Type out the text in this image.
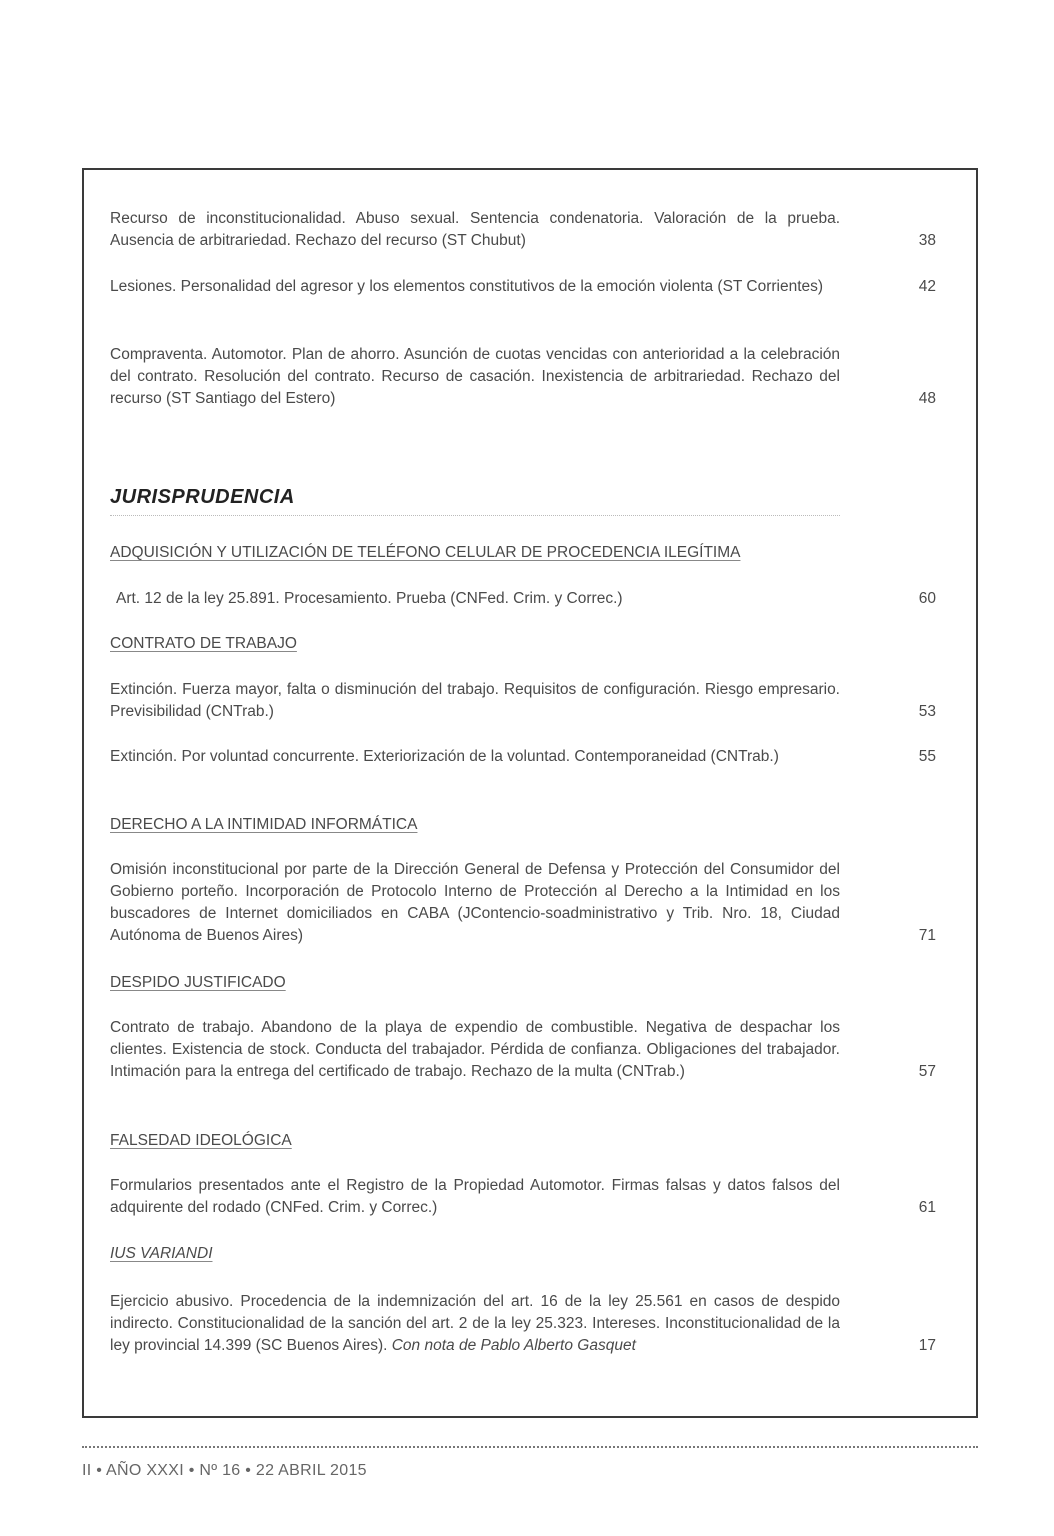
Recurso de inconstitucionalidad. Abuso sexual. Sentencia condenatoria. Valoración de la prueba. Ausencia de arbitrariedad. Rechazo del recurso (ST Chubut)	38
Lesiones. Personalidad del agresor y los elementos constitutivos de la emoción violenta (ST Corrientes)	42
Compraventa. Automotor. Plan de ahorro. Asunción de cuotas vencidas con anterioridad a la celebración del contrato. Resolución del contrato. Recurso de casación. Inexistencia de arbitrariedad. Rechazo del recurso (ST Santiago del Estero)	48
JURISPRUDENCIA
ADQUISICIÓN Y UTILIZACIÓN DE TELÉFONO CELULAR DE PROCEDENCIA ILEGÍTIMA
Art. 12 de la ley 25.891. Procesamiento. Prueba (CNFed. Crim. y Correc.)	60
CONTRATO DE TRABAJO
Extinción. Fuerza mayor, falta o disminución del trabajo. Requisitos de configuración. Riesgo empresario. Previsibilidad (CNTrab.)	53
Extinción. Por voluntad concurrente. Exteriorización de la voluntad. Contemporaneidad (CNTrab.)	55
DERECHO A LA INTIMIDAD INFORMÁTICA
Omisión inconstitucional por parte de la Dirección General de Defensa y Protección del Consumidor del Gobierno porteño. Incorporación de Protocolo Interno de Protección al Derecho a la Intimidad en los buscadores de Internet domiciliados en CABA (JContencio-soadministrativo y Trib. Nro. 18, Ciudad Autónoma de Buenos Aires)	71
DESPIDO JUSTIFICADO
Contrato de trabajo. Abandono de la playa de expendio de combustible. Negativa de despachar los clientes. Existencia de stock. Conducta del trabajador. Pérdida de confianza. Obligaciones del trabajador. Intimación para la entrega del certificado de trabajo. Rechazo de la multa (CNTrab.)	57
FALSEDAD IDEOLÓGICA
Formularios presentados ante el Registro de la Propiedad Automotor. Firmas falsas y datos falsos del adquirente del rodado (CNFed. Crim. y Correc.)	61
IUS VARIANDI
Ejercicio abusivo. Procedencia de la indemnización del art. 16 de la ley 25.561 en casos de despido indirecto. Constitucionalidad de la sanción del art. 2 de la ley 25.323. Intereses. Inconstitucionalidad de la ley provincial 14.399 (SC Buenos Aires). Con nota de Pablo Alberto Gasquet	17
II • AÑO XXXI • Nº 16 • 22 ABRIL 2015
